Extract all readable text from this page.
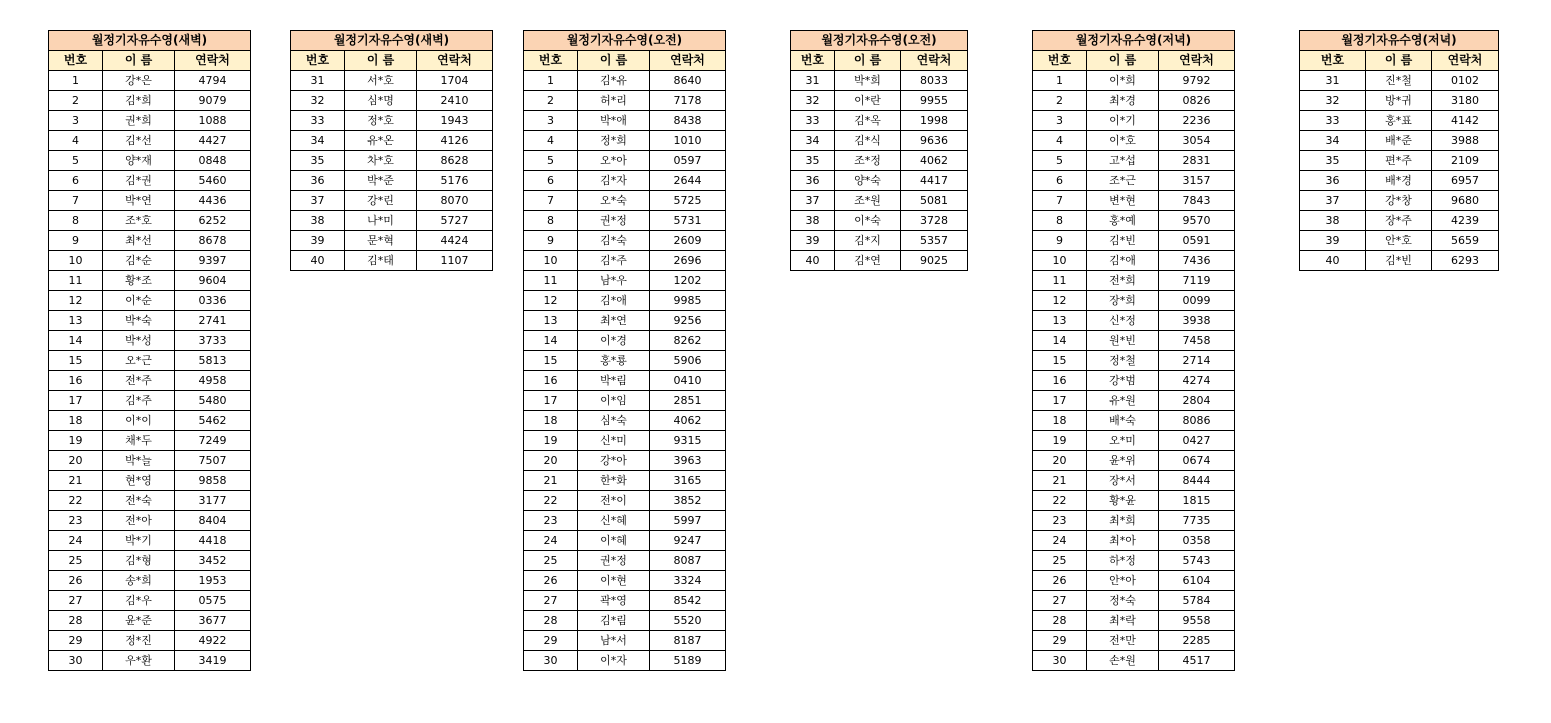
월정기자유수영(새벽)		
번호	이 름	연락처
1	강*은	4794
2	김*희	9079
3	권*희	1088
4	김*선	4427
5	양*재	0848
6	김*권	5460
7	박*연	4436
8	조*호	6252
9	최*선	8678
10	김*순	9397
11	황*조	9604
12	이*순	0336
13	박*숙	2741
14	박*성	3733
15	오*근	5813
16	전*주	4958
17	김*주	5480
18	이*이	5462
19	채*두	7249
20	박*늘	7507
21	현*영	9858
22	전*숙	3177
23	전*아	8404
24	박*기	4418
25	김*형	3452
26	송*희	1953
27	김*우	0575
28	윤*준	3677
29	정*진	4922
30	우*환	3419
월정기자유수영(새벽)		
번호	이 름	연락처
31	서*호	1704
32	심*명	2410
33	정*호	1943
34	유*온	4126
35	차*호	8628
36	박*준	5176
37	강*린	8070
38	나*미	5727
39	문*혁	4424
40	김*태	1107
월정기자유수영(오전)		
번호	이 름	연락처
1	김*유	8640
2	허*리	7178
3	박*애	8438
4	정*희	1010
5	오*아	0597
6	김*자	2644
7	오*숙	5725
8	권*정	5731
9	김*숙	2609
10	김*주	2696
11	남*우	1202
12	김*애	9985
13	최*연	9256
14	이*경	8262
15	홍*룡	5906
16	박*림	0410
17	이*임	2851
18	심*숙	4062
19	신*미	9315
20	강*아	3963
21	한*화	3165
22	전*이	3852
23	신*혜	5997
24	이*혜	9247
25	권*정	8087
26	이*현	3324
27	곽*영	8542
28	김*림	5520
29	남*서	8187
30	이*자	5189
월정기자유수영(오전)		
번호	이 름	연락처
31	박*희	8033
32	이*란	9955
33	김*옥	1998
34	김*식	9636
35	조*정	4062
36	양*숙	4417
37	조*원	5081
38	이*숙	3728
39	김*지	5357
40	김*연	9025
월정기자유수영(저녁)		
번호	이 름	연락처
1	이*희	9792
2	최*경	0826
3	이*기	2236
4	이*호	3054
5	고*섭	2831
6	조*근	3157
7	변*현	7843
8	홍*예	9570
9	김*빈	0591
10	김*애	7436
11	전*희	7119
12	장*희	0099
13	신*정	3938
14	원*빈	7458
15	정*철	2714
16	강*범	4274
17	유*원	2804
18	배*숙	8086
19	오*미	0427
20	윤*위	0674
21	장*서	8444
22	황*윤	1815
23	최*희	7735
24	최*아	0358
25	하*정	5743
26	안*아	6104
27	정*숙	5784
28	최*락	9558
29	전*만	2285
30	손*원	4517
월정기자유수영(저녁)		
번호	이 름	연락처
31	진*철	0102
32	방*귀	3180
33	홍*표	4142
34	배*준	3988
35	편*주	2109
36	배*경	6957
37	강*창	9680
38	장*주	4239
39	안*호	5659
40	김*빈	6293
